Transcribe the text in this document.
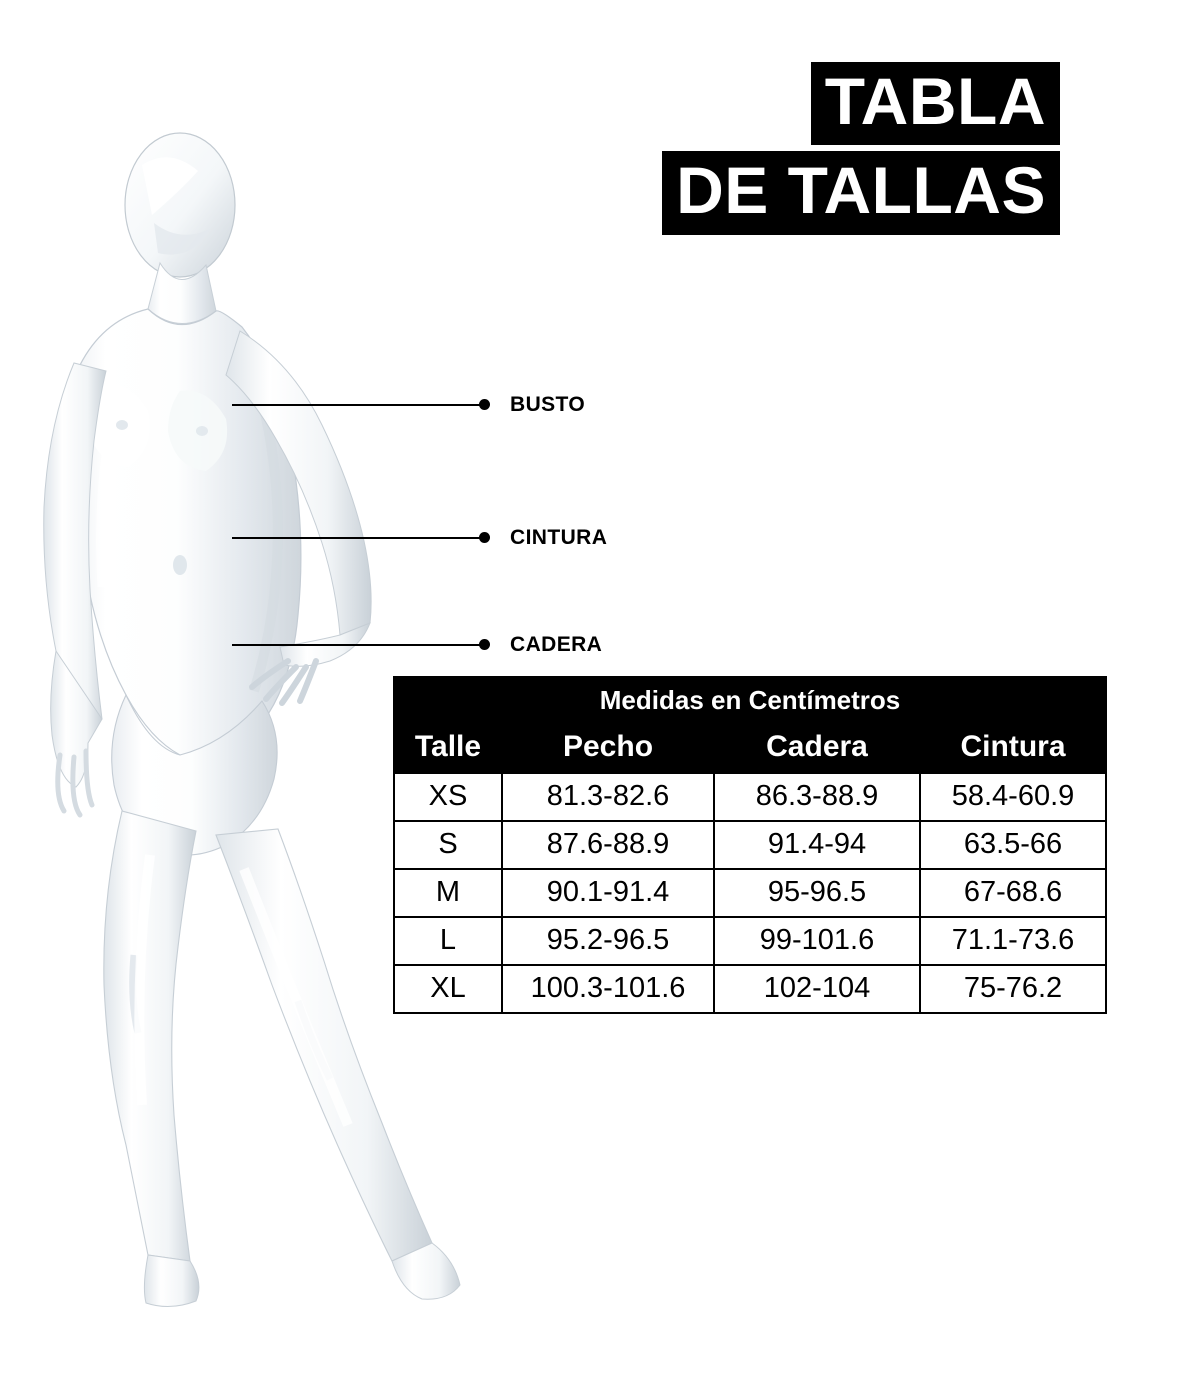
TABLA
DE TALLAS
BUSTO
CINTURA
CADERA
Medidas en Centímetros			
Talle	Pecho	Cadera	Cintura
XS	81.3-82.6	86.3-88.9	58.4-60.9
S	87.6-88.9	91.4-94	63.5-66
M	90.1-91.4	95-96.5	67-68.6
L	95.2-96.5	99-101.6	71.1-73.6
XL	100.3-101.6	102-104	75-76.2
